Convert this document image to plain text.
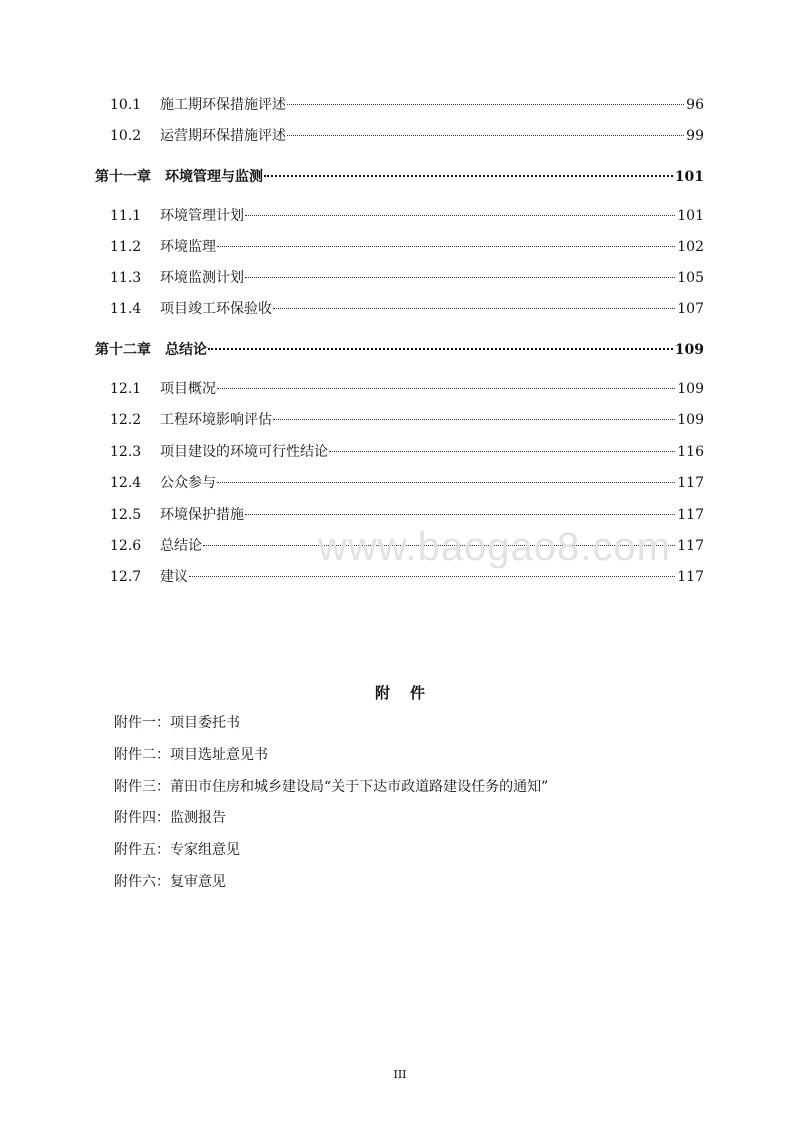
10.1	施工期环保措施评述	96
10.2	运营期环保措施评述	99
第十一章 环境管理与监测	101
11.1	环境管理计划	101
11.2	环境监理	102
11.3	环境监测计划	105
11.4	项目竣工环保验收	107
第十二章 总结论	109
12.1	项目概况	109
12.2	工程环境影响评估	109
12.3	项目建设的环境可行性结论	116
12.4	公众参与	117
12.5	环境保护措施	117
12.6	总结论	117
12.7	建议	117
www.baogao8.com
附件
附件一：项目委托书
附件二：项目选址意见书
附件三：莆田市住房和城乡建设局“关于下达市政道路建设任务的通知”
附件四：监测报告
附件五：专家组意见
附件六：复审意见
III
